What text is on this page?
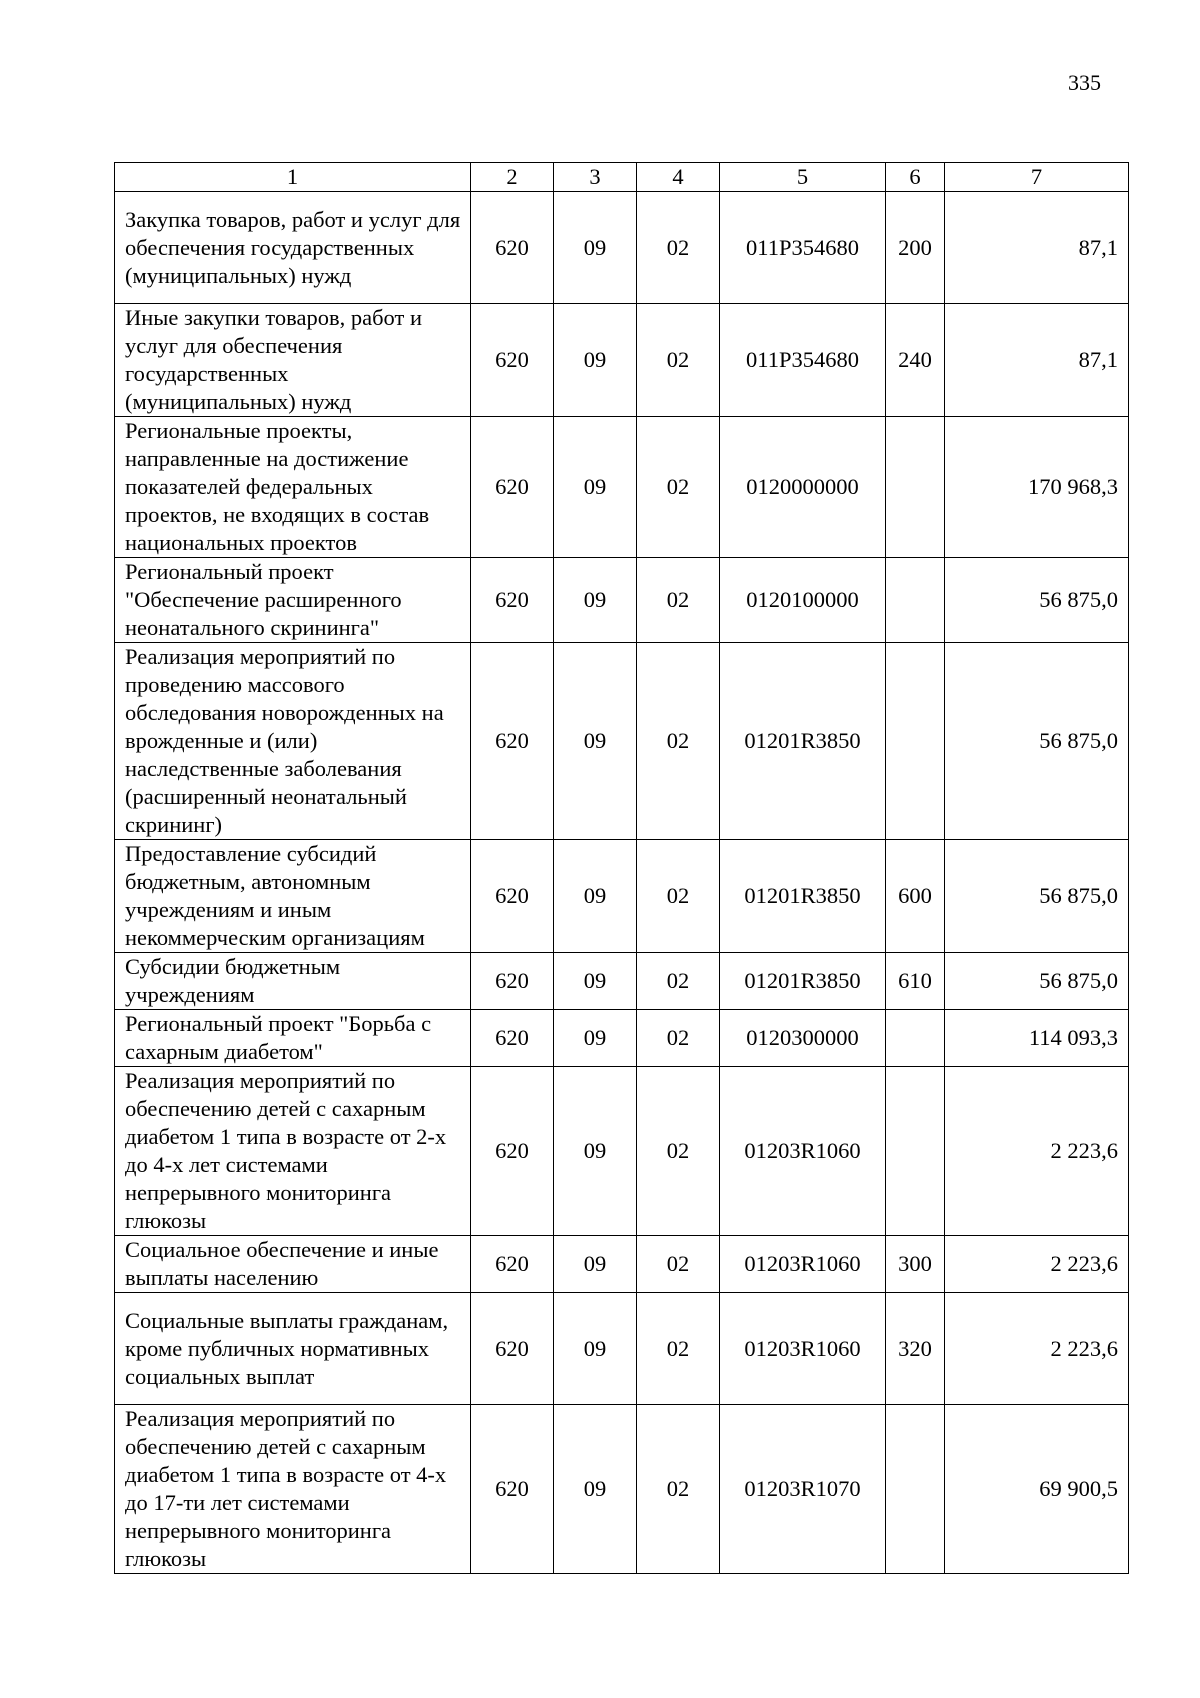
335
1	2	3	4	5	6	7
Закупка товаров, работ и услуг для обеспечения государственных (муниципальных) нужд	620	09	02	011P354680	200	87,1
Иные закупки товаров, работ и услуг для обеспечения государственных (муниципальных) нужд	620	09	02	011P354680	240	87,1
Региональные проекты, направленные на достижение показателей федеральных проектов, не входящих в состав национальных проектов	620	09	02	0120000000		170 968,3
Региональный проект "Обеспечение расширенного неонатального скрининга"	620	09	02	0120100000		56 875,0
Реализация мероприятий по проведению массового обследования новорожденных на врожденные и (или) наследственные заболевания (расширенный неонатальный скрининг)	620	09	02	01201R3850		56 875,0
Предоставление субсидий бюджетным, автономным учреждениям и иным некоммерческим организациям	620	09	02	01201R3850	600	56 875,0
Субсидии бюджетным учреждениям	620	09	02	01201R3850	610	56 875,0
Региональный проект "Борьба с сахарным диабетом"	620	09	02	0120300000		114 093,3
Реализация мероприятий по обеспечению детей с сахарным диабетом 1 типа в возрасте от 2-х до 4-х лет системами непрерывного мониторинга глюкозы	620	09	02	01203R1060		2 223,6
Социальное обеспечение и иные выплаты населению	620	09	02	01203R1060	300	2 223,6
Социальные выплаты гражданам, кроме публичных нормативных социальных выплат	620	09	02	01203R1060	320	2 223,6
Реализация мероприятий по обеспечению детей с сахарным диабетом 1 типа в возрасте от 4-х до 17-ти лет системами непрерывного мониторинга глюкозы	620	09	02	01203R1070		69 900,5
